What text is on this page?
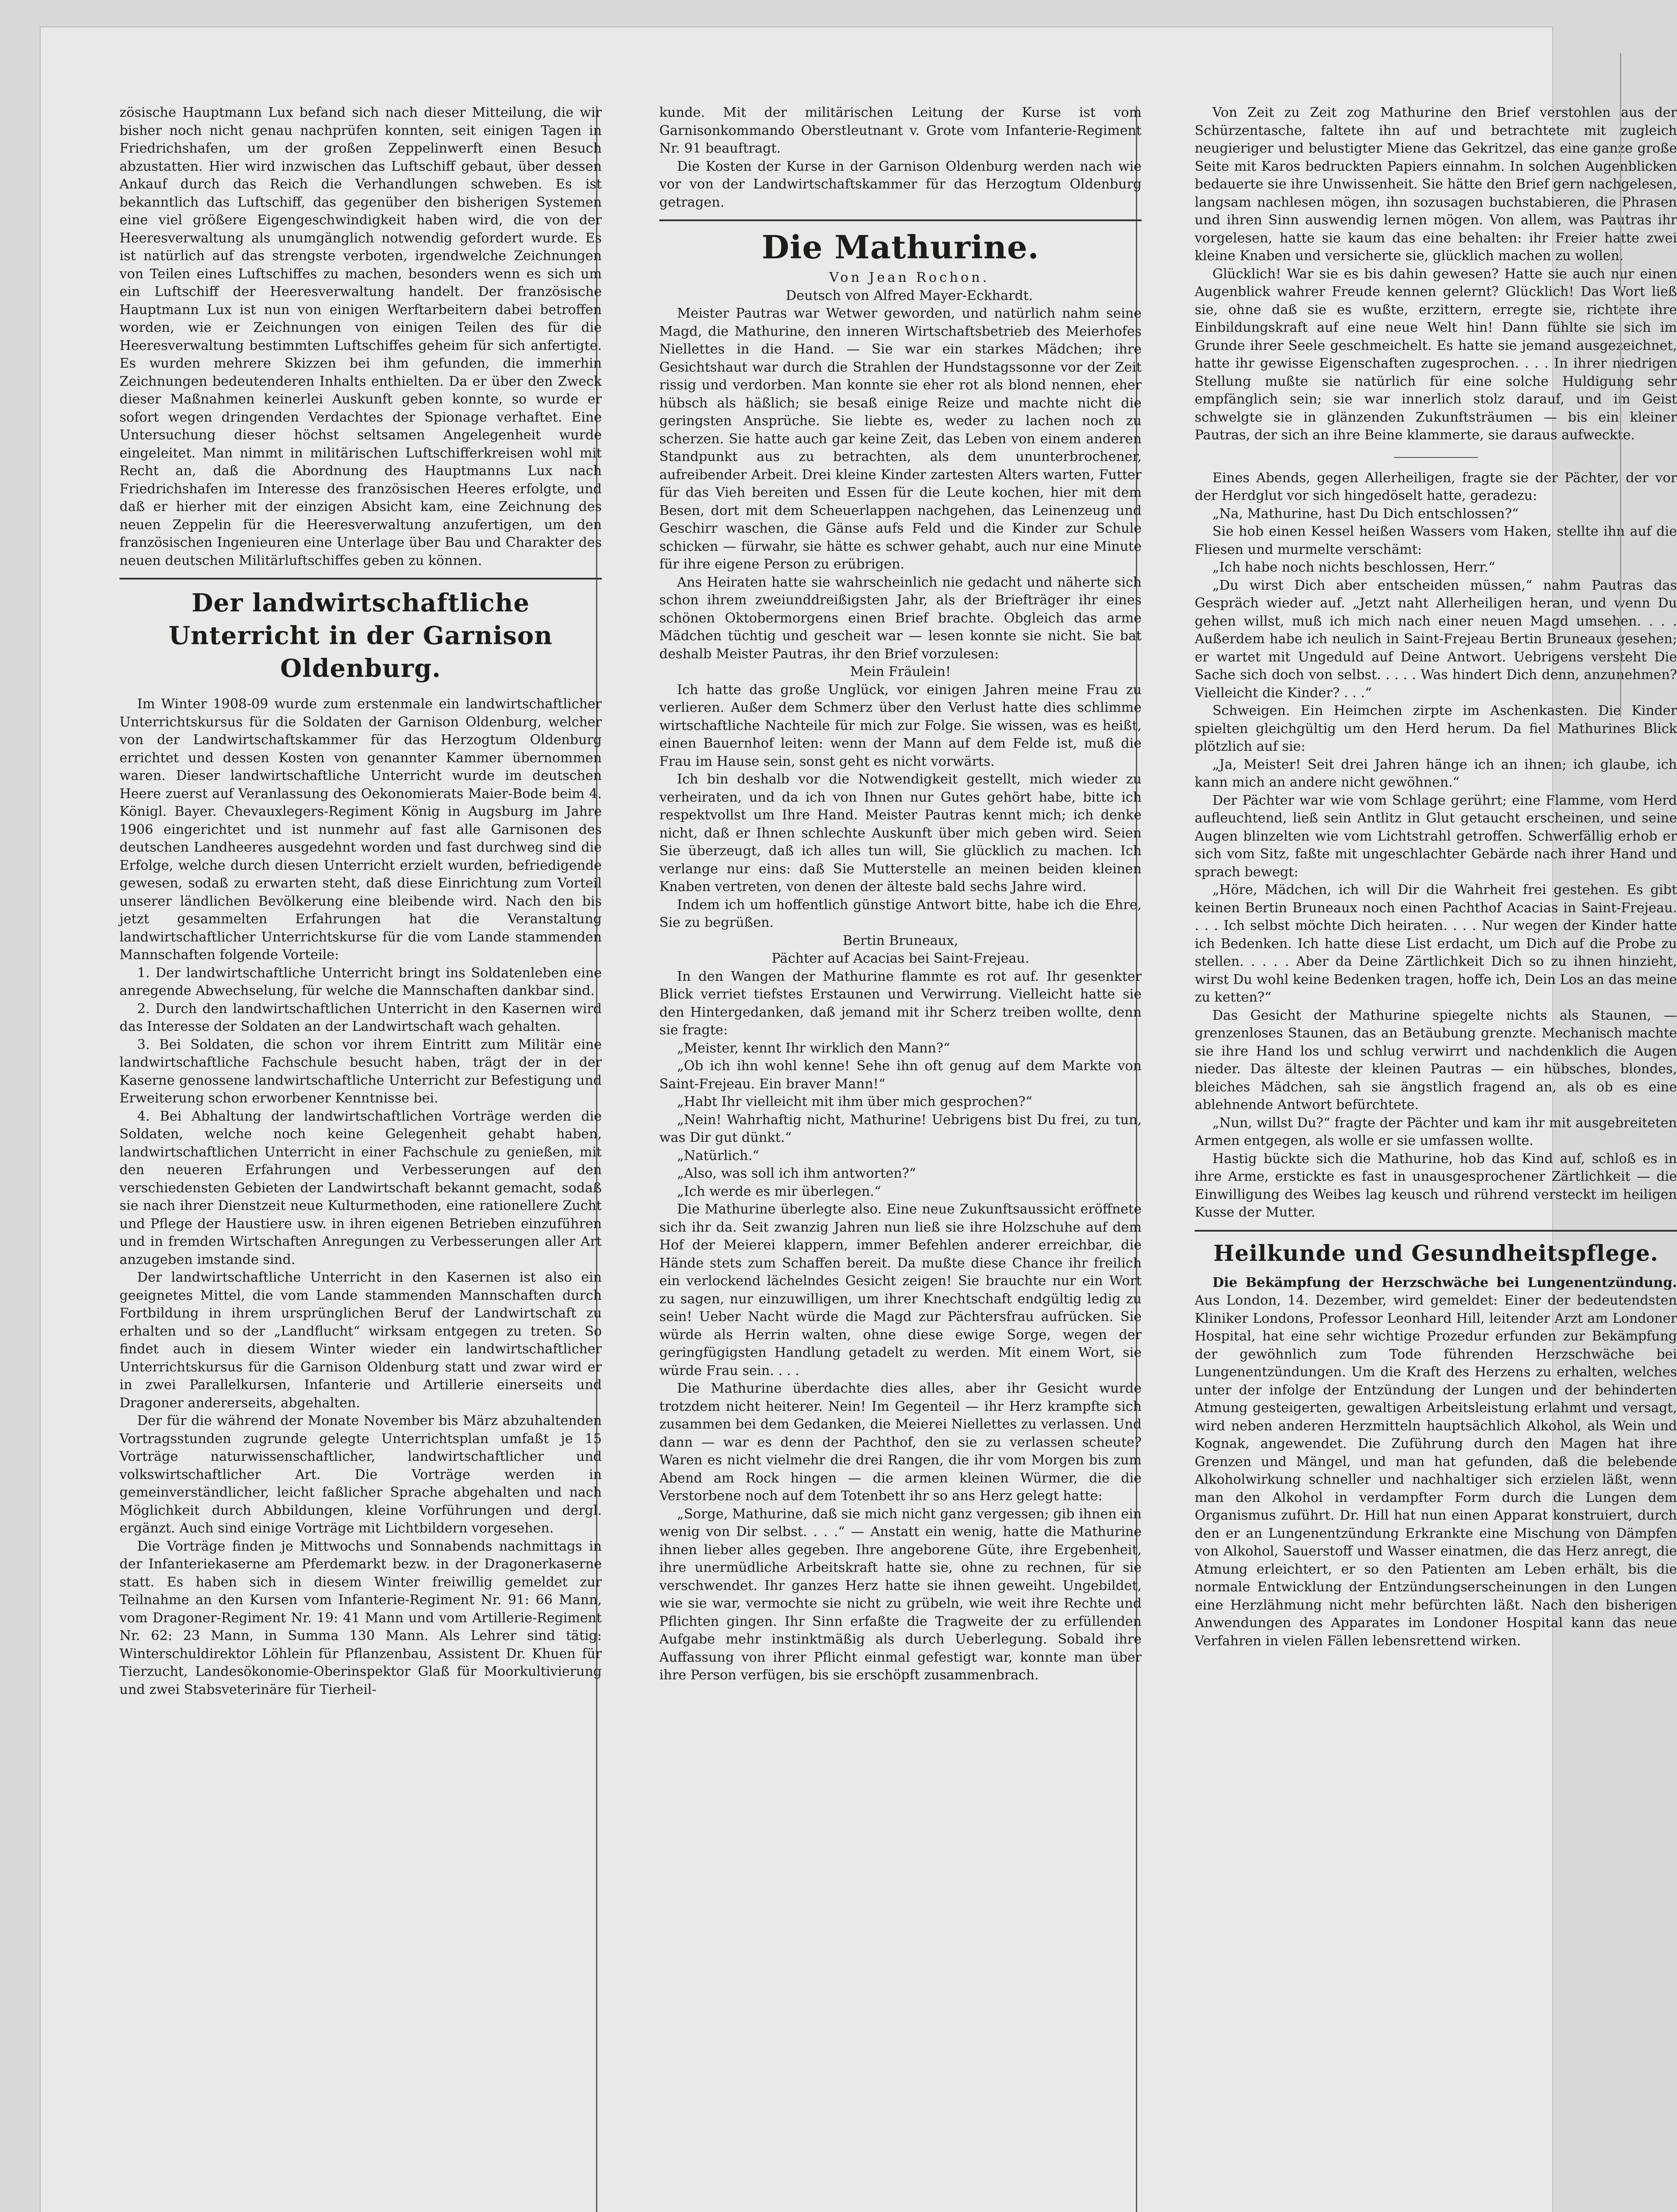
zösische Hauptmann Lux befand sich nach dieser Mitteilung, die wir bisher noch nicht genau nachprüfen konnten, seit einigen Tagen in Friedrichshafen, um der großen Zeppelinwerft einen Besuch abzustatten. Hier wird inzwischen das Luftschiff gebaut, über dessen Ankauf durch das Reich die Verhandlungen schweben. Es ist bekanntlich das Luftschiff, das gegenüber den bisherigen Systemen eine viel größere Eigengeschwindigkeit haben wird, die von der Heeresverwaltung als unumgänglich notwendig gefordert wurde. Es ist natürlich auf das strengste verboten, irgendwelche Zeichnungen von Teilen eines Luftschiffes zu machen, besonders wenn es sich um ein Luftschiff der Heeresverwaltung handelt. Der französische Hauptmann Lux ist nun von einigen Werftarbeitern dabei betroffen worden, wie er Zeichnungen von einigen Teilen des für die Heeresverwaltung bestimmten Luftschiffes geheim für sich anfertigte. Es wurden mehrere Skizzen bei ihm gefunden, die immerhin Zeichnungen bedeutenderen Inhalts enthielten. Da er über den Zweck dieser Maßnahmen keinerlei Auskunft geben konnte, so wurde er sofort wegen dringenden Verdachtes der Spionage verhaftet. Eine Untersuchung dieser höchst seltsamen Angelegenheit wurde eingeleitet. Man nimmt in militärischen Luftschifferkreisen wohl mit Recht an, daß die Abordnung des Hauptmanns Lux nach Friedrichshafen im Interesse des französischen Heeres erfolgte, und daß er hierher mit der einzigen Absicht kam, eine Zeichnung des neuen Zeppelin für die Heeresverwaltung anzufertigen, um den französischen Ingenieuren eine Unterlage über Bau und Charakter des neuen deutschen Militärluftschiffes geben zu können.

Der landwirtschaftliche Unterricht in der Garnison Oldenburg.

Im Winter 1908-09 wurde zum erstenmale ein landwirtschaftlicher Unterrichtskursus für die Soldaten der Garnison Oldenburg, welcher von der Landwirtschaftskammer für das Herzogtum Oldenburg errichtet und dessen Kosten von genannter Kammer übernommen waren. Dieser landwirtschaftliche Unterricht wurde im deutschen Heere zuerst auf Veranlassung des Oekonomierats Maier-Bode beim 4. Königl. Bayer. Chevauxlegers-Regiment König in Augsburg im Jahre 1906 eingerichtet und ist nunmehr auf fast alle Garnisonen des deutschen Landheeres ausgedehnt worden und fast durchweg sind die Erfolge, welche durch diesen Unterricht erzielt wurden, befriedigende gewesen, sodaß zu erwarten steht, daß diese Einrichtung zum Vorteil unserer ländlichen Bevölkerung eine bleibende wird. Nach den bis jetzt gesammelten Erfahrungen hat die Veranstaltung landwirtschaftlicher Unterrichtskurse für die vom Lande stammenden Mannschaften folgende Vorteile:

1. Der landwirtschaftliche Unterricht bringt ins Soldatenleben eine anregende Abwechselung, für welche die Mannschaften dankbar sind.

2. Durch den landwirtschaftlichen Unterricht in den Kasernen wird das Interesse der Soldaten an der Landwirtschaft wach gehalten.

3. Bei Soldaten, die schon vor ihrem Eintritt zum Militär eine landwirtschaftliche Fachschule besucht haben, trägt der in der Kaserne genossene landwirtschaftliche Unterricht zur Befestigung und Erweiterung schon erworbener Kenntnisse bei.

4. Bei Abhaltung der landwirtschaftlichen Vorträge werden die Soldaten, welche noch keine Gelegenheit gehabt haben, landwirtschaftlichen Unterricht in einer Fachschule zu genießen, mit den neueren Erfahrungen und Verbesserungen auf den verschiedensten Gebieten der Landwirtschaft bekannt gemacht, sodaß sie nach ihrer Dienstzeit neue Kulturmethoden, eine rationellere Zucht und Pflege der Haustiere usw. in ihren eigenen Betrieben einzuführen und in fremden Wirtschaften Anregungen zu Verbesserungen aller Art anzugeben imstande sind.

Der landwirtschaftliche Unterricht in den Kasernen ist also ein geeignetes Mittel, die vom Lande stammenden Mannschaften durch Fortbildung in ihrem ursprünglichen Beruf der Landwirtschaft zu erhalten und so der „Landflucht“ wirksam entgegen zu treten. So findet auch in diesem Winter wieder ein landwirtschaftlicher Unterrichtskursus für die Garnison Oldenburg statt und zwar wird er in zwei Parallelkursen, Infanterie und Artillerie einerseits und Dragoner andererseits, abgehalten.

Der für die während der Monate November bis März abzuhaltenden Vortragsstunden zugrunde gelegte Unterrichtsplan umfaßt je 15 Vorträge naturwissenschaftlicher, landwirtschaftlicher und volkswirtschaftlicher Art. Die Vorträge werden in gemeinverständlicher, leicht faßlicher Sprache abgehalten und nach Möglichkeit durch Abbildungen, kleine Vorführungen und dergl. ergänzt. Auch sind einige Vorträge mit Lichtbildern vorgesehen.

Die Vorträge finden je Mittwochs und Sonnabends nachmittags in der Infanteriekaserne am Pferdemarkt bezw. in der Dragonerkaserne statt. Es haben sich in diesem Winter freiwillig gemeldet zur Teilnahme an den Kursen vom Infanterie-Regiment Nr. 91: 66 Mann, vom Dragoner-Regiment Nr. 19: 41 Mann und vom Artillerie-Regiment Nr. 62: 23 Mann, in Summa 130 Mann. Als Lehrer sind tätig: Winterschuldirektor Löhlein für Pflanzenbau, Assistent Dr. Khuen für Tierzucht, Landesökonomie-Oberinspektor Glaß für Moorkultivierung und zwei Stabsveterinäre für Tierheil-

kunde. Mit der militärischen Leitung der Kurse ist vom Garnisonkommando Oberstleutnant v. Grote vom Infanterie-Regiment Nr. 91 beauftragt.

Die Kosten der Kurse in der Garnison Oldenburg werden nach wie vor von der Landwirtschaftskammer für das Herzogtum Oldenburg getragen.

Die Mathurine.

Von Jean Rochon.

Deutsch von Alfred Mayer-Eckhardt.

Meister Pautras war Wetwer geworden, und natürlich nahm seine Magd, die Mathurine, den inneren Wirtschaftsbetrieb des Meierhofes Niellettes in die Hand. — Sie war ein starkes Mädchen; ihre Gesichtshaut war durch die Strahlen der Hundstagssonne vor der Zeit rissig und verdorben. Man konnte sie eher rot als blond nennen, eher hübsch als häßlich; sie besaß einige Reize und machte nicht die geringsten Ansprüche. Sie liebte es, weder zu lachen noch zu scherzen. Sie hatte auch gar keine Zeit, das Leben von einem anderen Standpunkt aus zu betrachten, als dem ununterbrochener, aufreibender Arbeit. Drei kleine Kinder zartesten Alters warten, Futter für das Vieh bereiten und Essen für die Leute kochen, hier mit dem Besen, dort mit dem Scheuerlappen nachgehen, das Leinenzeug und Geschirr waschen, die Gänse aufs Feld und die Kinder zur Schule schicken — fürwahr, sie hätte es schwer gehabt, auch nur eine Minute für ihre eigene Person zu erübrigen.

Ans Heiraten hatte sie wahrscheinlich nie gedacht und näherte sich schon ihrem zweiunddreißigsten Jahr, als der Briefträger ihr eines schönen Oktobermorgens einen Brief brachte. Obgleich das arme Mädchen tüchtig und gescheit war — lesen konnte sie nicht. Sie bat deshalb Meister Pautras, ihr den Brief vorzulesen:

Mein Fräulein!

Ich hatte das große Unglück, vor einigen Jahren meine Frau zu verlieren. Außer dem Schmerz über den Verlust hatte dies schlimme wirtschaftliche Nachteile für mich zur Folge. Sie wissen, was es heißt, einen Bauernhof leiten: wenn der Mann auf dem Felde ist, muß die Frau im Hause sein, sonst geht es nicht vorwärts.

Ich bin deshalb vor die Notwendigkeit gestellt, mich wieder zu verheiraten, und da ich von Ihnen nur Gutes gehört habe, bitte ich respektvollst um Ihre Hand. Meister Pautras kennt mich; ich denke nicht, daß er Ihnen schlechte Auskunft über mich geben wird. Seien Sie überzeugt, daß ich alles tun will, Sie glücklich zu machen. Ich verlange nur eins: daß Sie Mutterstelle an meinen beiden kleinen Knaben vertreten, von denen der älteste bald sechs Jahre wird.

Indem ich um hoffentlich günstige Antwort bitte, habe ich die Ehre, Sie zu begrüßen.

Bertin Bruneaux,

Pächter auf Acacias bei Saint-Frejeau.

In den Wangen der Mathurine flammte es rot auf. Ihr gesenkter Blick verriet tiefstes Erstaunen und Verwirrung. Vielleicht hatte sie den Hintergedanken, daß jemand mit ihr Scherz treiben wollte, denn sie fragte:

„Meister, kennt Ihr wirklich den Mann?“

„Ob ich ihn wohl kenne! Sehe ihn oft genug auf dem Markte von Saint-Frejeau. Ein braver Mann!“

„Habt Ihr vielleicht mit ihm über mich gesprochen?“

„Nein! Wahrhaftig nicht, Mathurine! Uebrigens bist Du frei, zu tun, was Dir gut dünkt.“

„Natürlich.“

„Also, was soll ich ihm antworten?“

„Ich werde es mir überlegen.“

Die Mathurine überlegte also. Eine neue Zukunftsaussicht eröffnete sich ihr da. Seit zwanzig Jahren nun ließ sie ihre Holzschuhe auf dem Hof der Meierei klappern, immer Befehlen anderer erreichbar, die Hände stets zum Schaffen bereit. Da mußte diese Chance ihr freilich ein verlockend lächelndes Gesicht zeigen! Sie brauchte nur ein Wort zu sagen, nur einzuwilligen, um ihrer Knechtschaft endgültig ledig zu sein! Ueber Nacht würde die Magd zur Pächtersfrau aufrücken. Sie würde als Herrin walten, ohne diese ewige Sorge, wegen der geringfügigsten Handlung getadelt zu werden. Mit einem Wort, sie würde Frau sein. . . .

Die Mathurine überdachte dies alles, aber ihr Gesicht wurde trotzdem nicht heiterer. Nein! Im Gegenteil — ihr Herz krampfte sich zusammen bei dem Gedanken, die Meierei Niellettes zu verlassen. Und dann — war es denn der Pachthof, den sie zu verlassen scheute? Waren es nicht vielmehr die drei Rangen, die ihr vom Morgen bis zum Abend am Rock hingen — die armen kleinen Würmer, die die Verstorbene noch auf dem Totenbett ihr so ans Herz gelegt hatte:

„Sorge, Mathurine, daß sie mich nicht ganz vergessen; gib ihnen ein wenig von Dir selbst. . . .“ — Anstatt ein wenig, hatte die Mathurine ihnen lieber alles gegeben. Ihre angeborene Güte, ihre Ergebenheit, ihre unermüdliche Arbeitskraft hatte sie, ohne zu rechnen, für sie verschwendet. Ihr ganzes Herz hatte sie ihnen geweiht. Ungebildet, wie sie war, vermochte sie nicht zu grübeln, wie weit ihre Rechte und Pflichten gingen. Ihr Sinn erfaßte die Tragweite der zu erfüllenden Aufgabe mehr instinktmäßig als durch Ueberlegung. Sobald ihre Auffassung von ihrer Pflicht einmal gefestigt war, konnte man über ihre Person verfügen, bis sie erschöpft zusammenbrach.

Von Zeit zu Zeit zog Mathurine den Brief verstohlen aus der Schürzentasche, faltete ihn auf und betrachtete mit zugleich neugieriger und belustigter Miene das Gekritzel, das eine ganze große Seite mit Karos bedruckten Papiers einnahm. In solchen Augenblicken bedauerte sie ihre Unwissenheit. Sie hätte den Brief gern nachgelesen, langsam nachlesen mögen, ihn sozusagen buchstabieren, die Phrasen und ihren Sinn auswendig lernen mögen. Von allem, was Pautras ihr vorgelesen, hatte sie kaum das eine behalten: ihr Freier hatte zwei kleine Knaben und versicherte sie, glücklich machen zu wollen.

Glücklich! War sie es bis dahin gewesen? Hatte sie auch nur einen Augenblick wahrer Freude kennen gelernt? Glücklich! Das Wort ließ sie, ohne daß sie es wußte, erzittern, erregte sie, richtete ihre Einbildungskraft auf eine neue Welt hin! Dann fühlte sie sich im Grunde ihrer Seele geschmeichelt. Es hatte sie jemand ausgezeichnet, hatte ihr gewisse Eigenschaften zugesprochen. . . . In ihrer niedrigen Stellung mußte sie natürlich für eine solche Huldigung sehr empfänglich sein; sie war innerlich stolz darauf, und im Geist schwelgte sie in glänzenden Zukunftsträumen — bis ein kleiner Pautras, der sich an ihre Beine klammerte, sie daraus aufweckte.

Eines Abends, gegen Allerheiligen, fragte sie der Pächter, der vor der Herdglut vor sich hingedöselt hatte, geradezu:

„Na, Mathurine, hast Du Dich entschlossen?“

Sie hob einen Kessel heißen Wassers vom Haken, stellte ihn auf die Fliesen und murmelte verschämt:

„Ich habe noch nichts beschlossen, Herr.“

„Du wirst Dich aber entscheiden müssen,“ nahm Pautras das Gespräch wieder auf. „Jetzt naht Allerheiligen heran, und wenn Du gehen willst, muß ich mich nach einer neuen Magd umsehen. . . . Außerdem habe ich neulich in Saint-Frejeau Bertin Bruneaux gesehen; er wartet mit Ungeduld auf Deine Antwort. Uebrigens versteht Die Sache sich doch von selbst. . . . . Was hindert Dich denn, anzunehmen? Vielleicht die Kinder? . . .“

Schweigen. Ein Heimchen zirpte im Aschenkasten. Die Kinder spielten gleichgültig um den Herd herum. Da fiel Mathurines Blick plötzlich auf sie:

„Ja, Meister! Seit drei Jahren hänge ich an ihnen; ich glaube, ich kann mich an andere nicht gewöhnen.“

Der Pächter war wie vom Schlage gerührt; eine Flamme, vom Herd aufleuchtend, ließ sein Antlitz in Glut getaucht erscheinen, und seine Augen blinzelten wie vom Lichtstrahl getroffen. Schwerfällig erhob er sich vom Sitz, faßte mit ungeschlachter Gebärde nach ihrer Hand und sprach bewegt:

„Höre, Mädchen, ich will Dir die Wahrheit frei gestehen. Es gibt keinen Bertin Bruneaux noch einen Pachthof Acacias in Saint-Frejeau. . . . Ich selbst möchte Dich heiraten. . . . Nur wegen der Kinder hatte ich Bedenken. Ich hatte diese List erdacht, um Dich auf die Probe zu stellen. . . . . Aber da Deine Zärtlichkeit Dich so zu ihnen hinzieht, wirst Du wohl keine Bedenken tragen, hoffe ich, Dein Los an das meine zu ketten?“

Das Gesicht der Mathurine spiegelte nichts als Staunen, — grenzenloses Staunen, das an Betäubung grenzte. Mechanisch machte sie ihre Hand los und schlug verwirrt und nachdenklich die Augen nieder. Das älteste der kleinen Pautras — ein hübsches, blondes, bleiches Mädchen, sah sie ängstlich fragend an, als ob es eine ablehnende Antwort befürchtete.

„Nun, willst Du?“ fragte der Pächter und kam ihr mit ausgebreiteten Armen entgegen, als wolle er sie umfassen wollte.

Hastig bückte sich die Mathurine, hob das Kind auf, schloß es in ihre Arme, erstickte es fast in unausgesprochener Zärtlichkeit — die Einwilligung des Weibes lag keusch und rührend versteckt im heiligen Kusse der Mutter.

Heilkunde und Gesundheitspflege.

Die Bekämpfung der Herzschwäche bei Lungenentzündung. Aus London, 14. Dezember, wird gemeldet: Einer der bedeutendsten Kliniker Londons, Professor Leonhard Hill, leitender Arzt am Londoner Hospital, hat eine sehr wichtige Prozedur erfunden zur Bekämpfung der gewöhnlich zum Tode führenden Herzschwäche bei Lungenentzündungen. Um die Kraft des Herzens zu erhalten, welches unter der infolge der Entzündung der Lungen und der behinderten Atmung gesteigerten, gewaltigen Arbeitsleistung erlahmt und versagt, wird neben anderen Herzmitteln hauptsächlich Alkohol, als Wein und Kognak, angewendet. Die Zuführung durch den Magen hat ihre Grenzen und Mängel, und man hat gefunden, daß die belebende Alkoholwirkung schneller und nachhaltiger sich erzielen läßt, wenn man den Alkohol in verdampfter Form durch die Lungen dem Organismus zuführt. Dr. Hill hat nun einen Apparat konstruiert, durch den er an Lungenentzündung Erkrankte eine Mischung von Dämpfen von Alkohol, Sauerstoff und Wasser einatmen, die das Herz anregt, die Atmung erleichtert, er so den Patienten am Leben erhält, bis die normale Entwicklung der Entzündungserscheinungen in den Lungen eine Herzlähmung nicht mehr befürchten läßt. Nach den bisherigen Anwendungen des Apparates im Londoner Hospital kann das neue Verfahren in vielen Fällen lebensrettend wirken.
